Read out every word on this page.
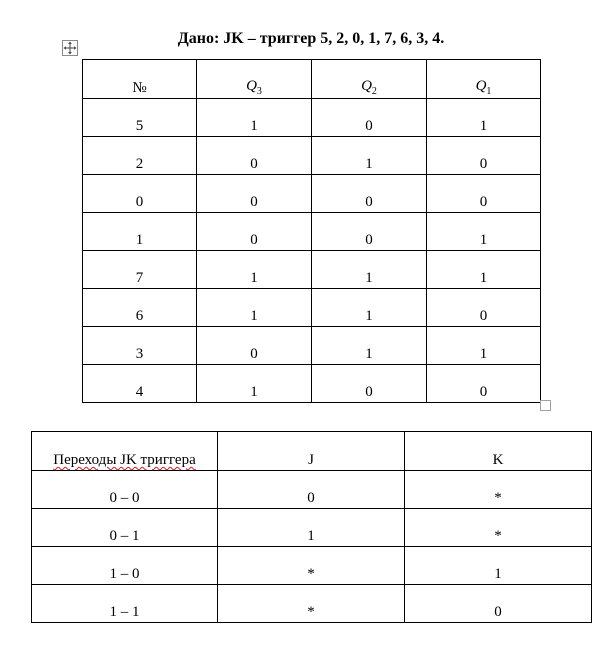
Дано: JK – триггер 5, 2, 0, 1, 7, 6, 3, 4.
№	$Q_3$	$Q_2$	$Q_1$
5	1	0	1
2	0	1	0
0	0	0	0
1	0	0	1
7	1	1	1
6	1	1	0
3	0	1	1
4	1	0	0
Переходы JK триггера	J	K
0 – 0	0	*
0 – 1	1	*
1 – 0	*	1
1 – 1	*	0
